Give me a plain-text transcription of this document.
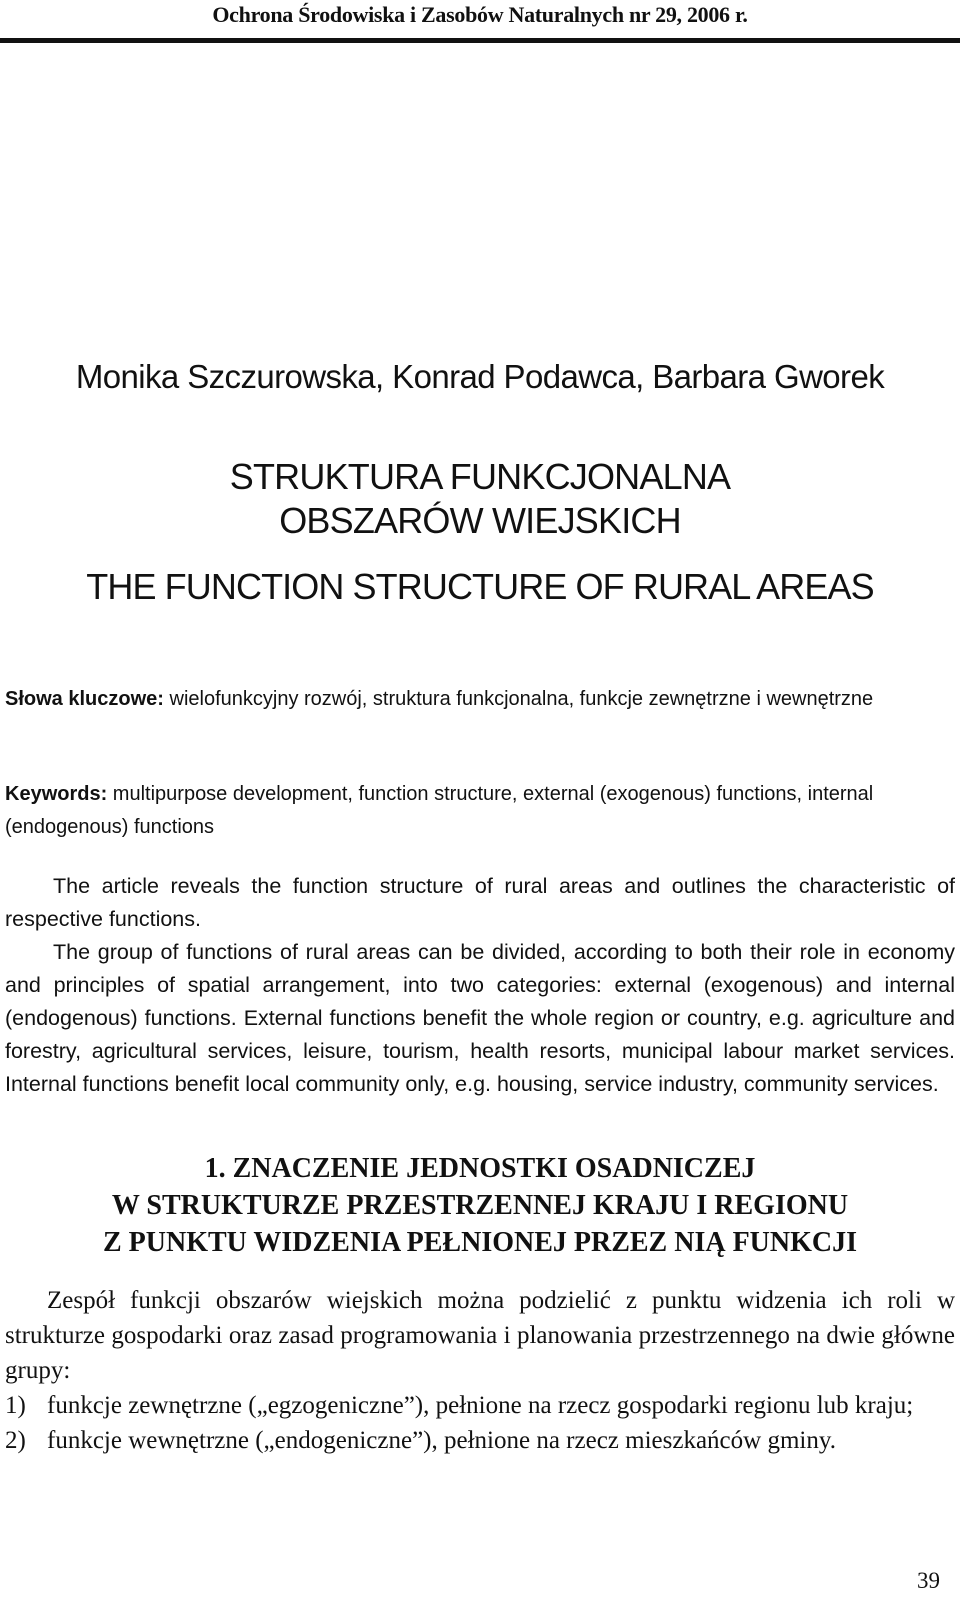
Ochrona Środowiska i Zasobów Naturalnych nr 29, 2006 r.
Monika Szczurowska, Konrad Podawca, Barbara Gworek
STRUKTURA FUNKCJONALNA
OBSZARÓW WIEJSKICH
THE FUNCTION STRUCTURE OF RURAL AREAS
Słowa kluczowe: wielofunkcyjny rozwój, struktura funkcjonalna, funkcje zewnętrzne i wewnętrzne
Keywords: multipurpose development, function structure, external (exogenous) functions, internal (endogenous) functions

The article reveals the function structure of rural areas and outlines the characteristic of respective functions.

The group of functions of rural areas can be divided, according to both their role in economy and principles of spatial arrangement, into two categories: external (exogenous) and internal (endogenous) functions. External functions benefit the whole region or country, e.g. agriculture and forestry, agricultural services, leisure, tourism, health resorts, municipal labour market services. Internal functions benefit local community only, e.g. housing, service industry, community services.

1. ZNACZENIE JEDNOSTKI OSADNICZEJ
W STRUKTURZE PRZESTRZENNEJ KRAJU I REGIONU
Z PUNKTU WIDZENIA PEŁNIONEJ PRZEZ NIĄ FUNKCJI

Zespół funkcji obszarów wiejskich można podzielić z punktu widzenia ich roli w strukturze gospodarki oraz zasad programowania i planowania przestrzennego na dwie główne grupy:

1) funkcje zewnętrzne („egzogeniczne”), pełnione na rzecz gospodarki regionu lub kraju;
2) funkcje wewnętrzne („endogeniczne”), pełnione na rzecz mieszkańców gminy.
39
